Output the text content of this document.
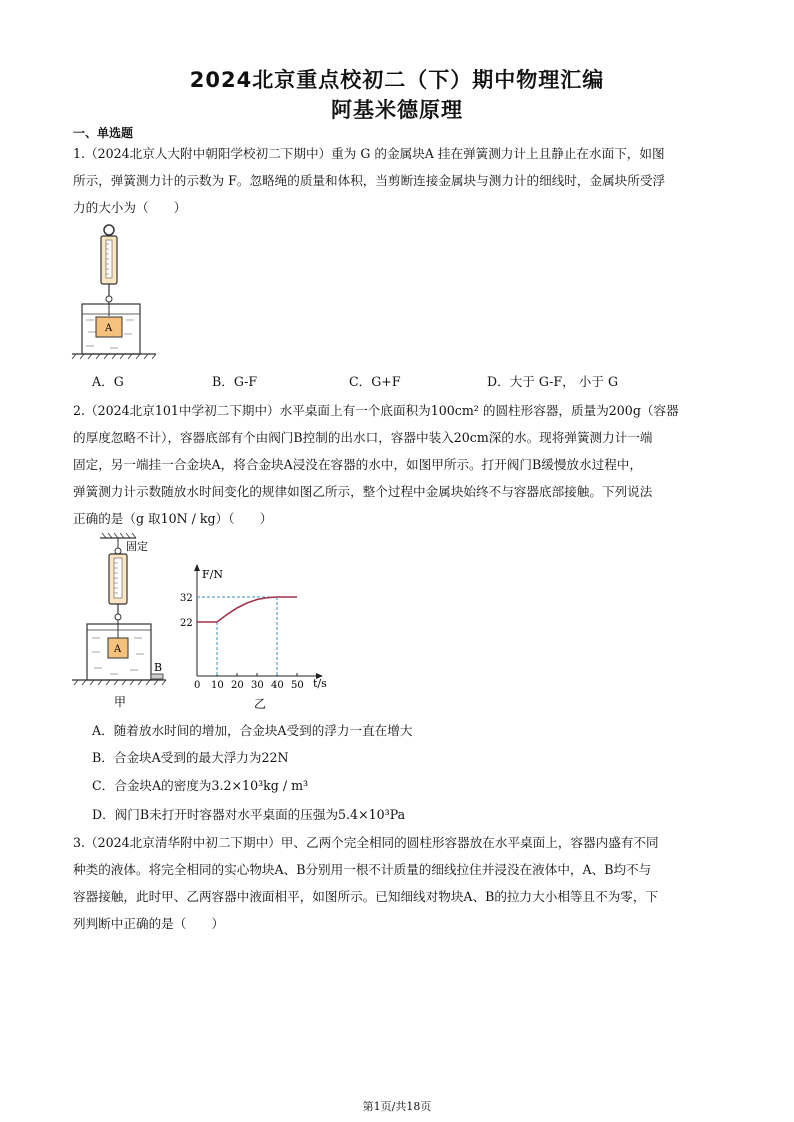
2024北京重点校初二（下）期中物理汇编
阿基米德原理
一、单选题
1.（2024北京人大附中朝阳学校初二下期中）重为 G 的金属块A 挂在弹簧测力计上且静止在水面下，如图
所示，弹簧测力计的示数为 F。忽略绳的质量和体积，当剪断连接金属块与测力计的细线时，金属块所受浮
力的大小为（　　）
A
A．G	B．G-F	C．G+F	D．大于 G-F， 小于 G
2.（2024北京101中学初二下期中）水平桌面上有一个底面积为100cm² 的圆柱形容器，质量为200g（容器
的厚度忽略不计），容器底部有个由阀门B控制的出水口，容器中装入20cm深的水。现将弹簧测力计一端
固定，另一端挂一合金块A，将合金块A浸没在容器的水中，如图甲所示。打开阀门B缓慢放水过程中，
弹簧测力计示数随放水时间变化的规律如图乙所示，整个过程中金属块始终不与容器底部接触。下列说法
正确的是（g 取10N / kg）（　　）
固定
A
B
甲
F/N
t/s
乙
0 10 20 30 40 50
22
32
A．随着放水时间的增加，合金块A受到的浮力一直在增大
B．合金块A受到的最大浮力为22N
C．合金块A的密度为3.2×10³kg / m³
D．阀门B未打开时容器对水平桌面的压强为5.4×10³Pa
3.（2024北京清华附中初二下期中）甲、乙两个完全相同的圆柱形容器放在水平桌面上，容器内盛有不同
种类的液体。将完全相同的实心物块A、B分别用一根不计质量的细线拉住并浸没在液体中，A、B均不与
容器接触，此时甲、乙两容器中液面相平，如图所示。已知细线对物块A、B的拉力大小相等且不为零，下
列判断中正确的是（　　）
第1页/共18页
